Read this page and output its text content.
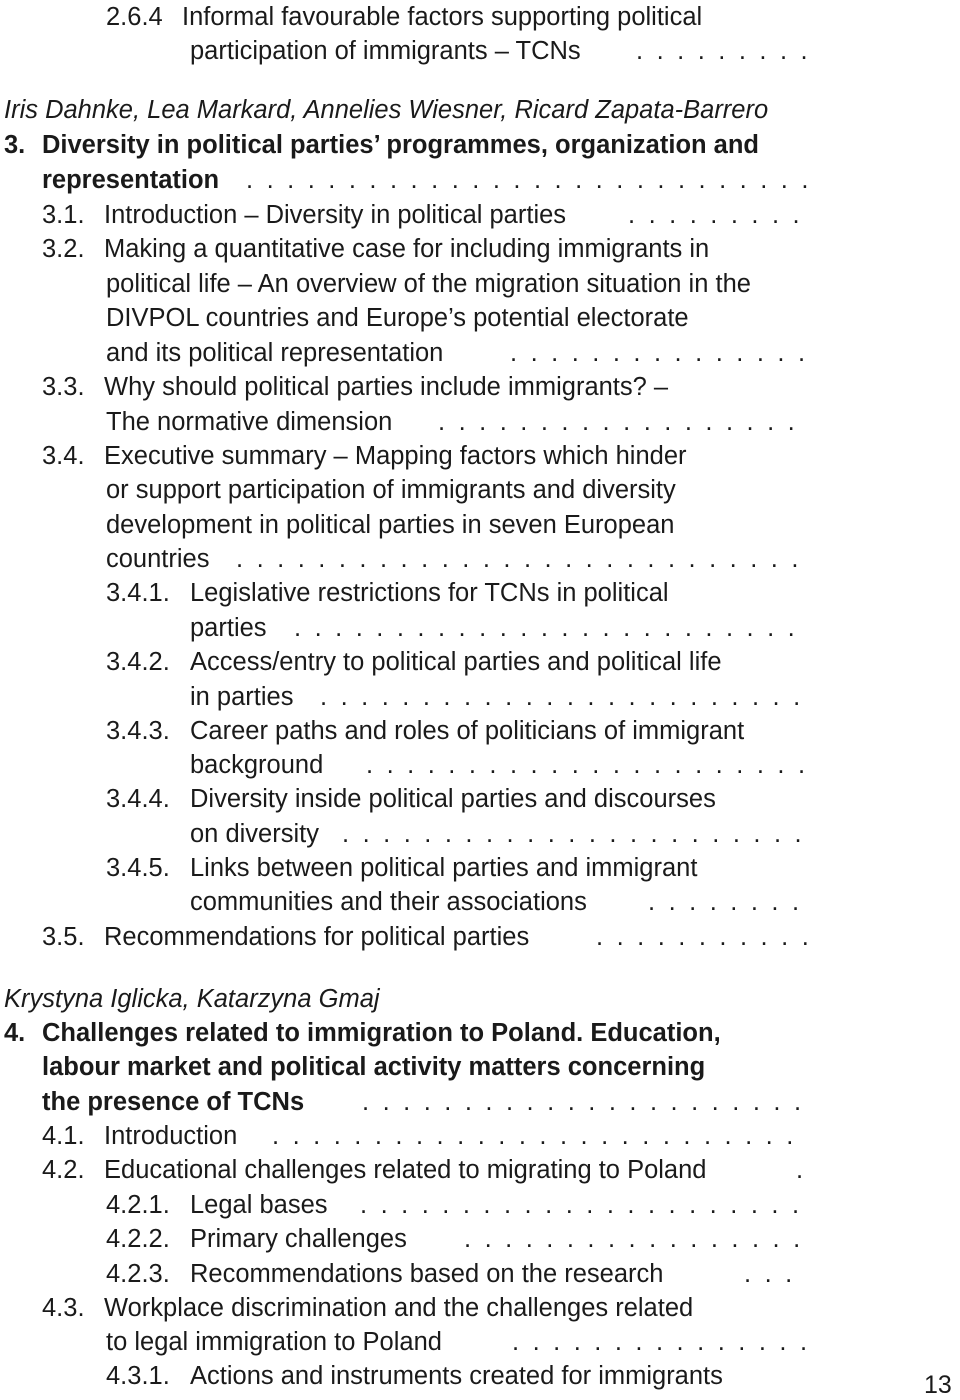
2.6.4 Informal favourable factors supporting political
participation of immigrants – TCNs
. . .
Iris Dahnke, Lea Markard, Annelies Wiesner, Ricard Zapata-Barrero
3. Diversity in political parties’ programmes, organization and
representation
. . .
3.1. Introduction – Diversity in political parties
. . .
3.2. Making a quantitative case for including immigrants in
political life – An overview of the migration situation in the
DIVPOL countries and Europe’s potential electorate
and its political representation
. . .
3.3. Why should political parties include immigrants? –
The normative dimension
. . .
3.4. Executive summary – Mapping factors which hinder
or support participation of immigrants and diversity
development in political parties in seven European
countries
. . .
3.4.1. Legislative restrictions for TCNs in political
parties
. . .
3.4.2. Access/entry to political parties and political life
in parties
. . .
3.4.3. Career paths and roles of politicians of immigrant
background
. . .
3.4.4. Diversity inside political parties and discourses
on diversity
. . .
3.4.5. Links between political parties and immigrant
communities and their associations
. . .
3.5. Recommendations for political parties
. . .
Krystyna Iglicka, Katarzyna Gmaj
4. Challenges related to immigration to Poland. Education,
labour market and political activity matters concerning
the presence of TCNs
. . .
4.1. Introduction
. . .
4.2. Educational challenges related to migrating to Poland
. . .
4.2.1. Legal bases
. . .
4.2.2. Primary challenges
. . .
4.2.3. Recommendations based on the research
. . .
4.3. Workplace discrimination and the challenges related
to legal immigration to Poland
. . .
4.3.1. Actions and instruments created for immigrants	13
